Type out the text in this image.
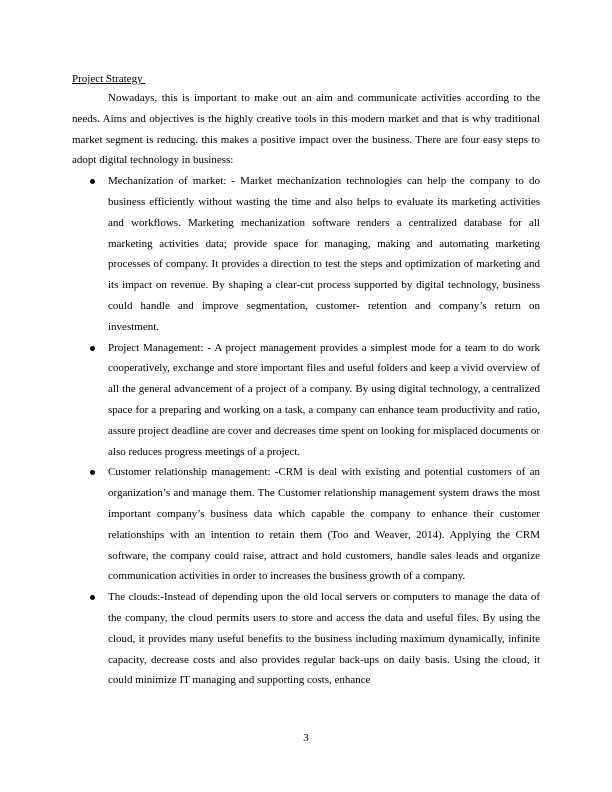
Project Strategy

Nowadays, this is important to make out an aim and communicate activities according to the needs. Aims and objectives is the highly creative tools in this modern market and that is why traditional market segment is reducing. this makes a positive impact over the business. There are four easy steps to adopt digital technology in business:

Mechanization of market: - Market mechanization technologies can help the company to do business efficiently without wasting the time and also helps to evaluate its marketing activities and workflows. Marketing mechanization software renders a centralized database for all marketing activities data; provide space for managing, making and automating marketing processes of company. It provides a direction to test the steps and optimization of marketing and its impact on revenue. By shaping a clear-cut process supported by digital technology, business could handle and improve segmentation, customer- retention and company’s return on investment.
Project Management: - A project management provides a simplest mode for a team to do work cooperatively, exchange and store important files and useful folders and keep a vivid overview of all the general advancement of a project of a company. By using digital technology, a centralized space for a preparing and working on a task, a company can enhance team productivity and ratio, assure project deadline are cover and decreases time spent on looking for misplaced documents or also reduces progress meetings of a project.
Customer relationship management: -CRM is deal with existing and potential customers of an organization’s and manage them. The Customer relationship management system draws the most important company’s business data which capable the company to enhance their customer relationships with an intention to retain them (Too and Weaver, 2014). Applying the CRM software, the company could raise, attract and hold customers, handle sales leads and organize communication activities in order to increases the business growth of a company.
The clouds:-Instead of depending upon the old local servers or computers to manage the data of the company, the cloud permits users to store and access the data and useful files. By using the cloud, it provides many useful benefits to the business including maximum dynamically, infinite capacity, decrease costs and also provides regular back-ups on daily basis. Using the cloud, it could minimize IT managing and supporting costs, enhance
3
